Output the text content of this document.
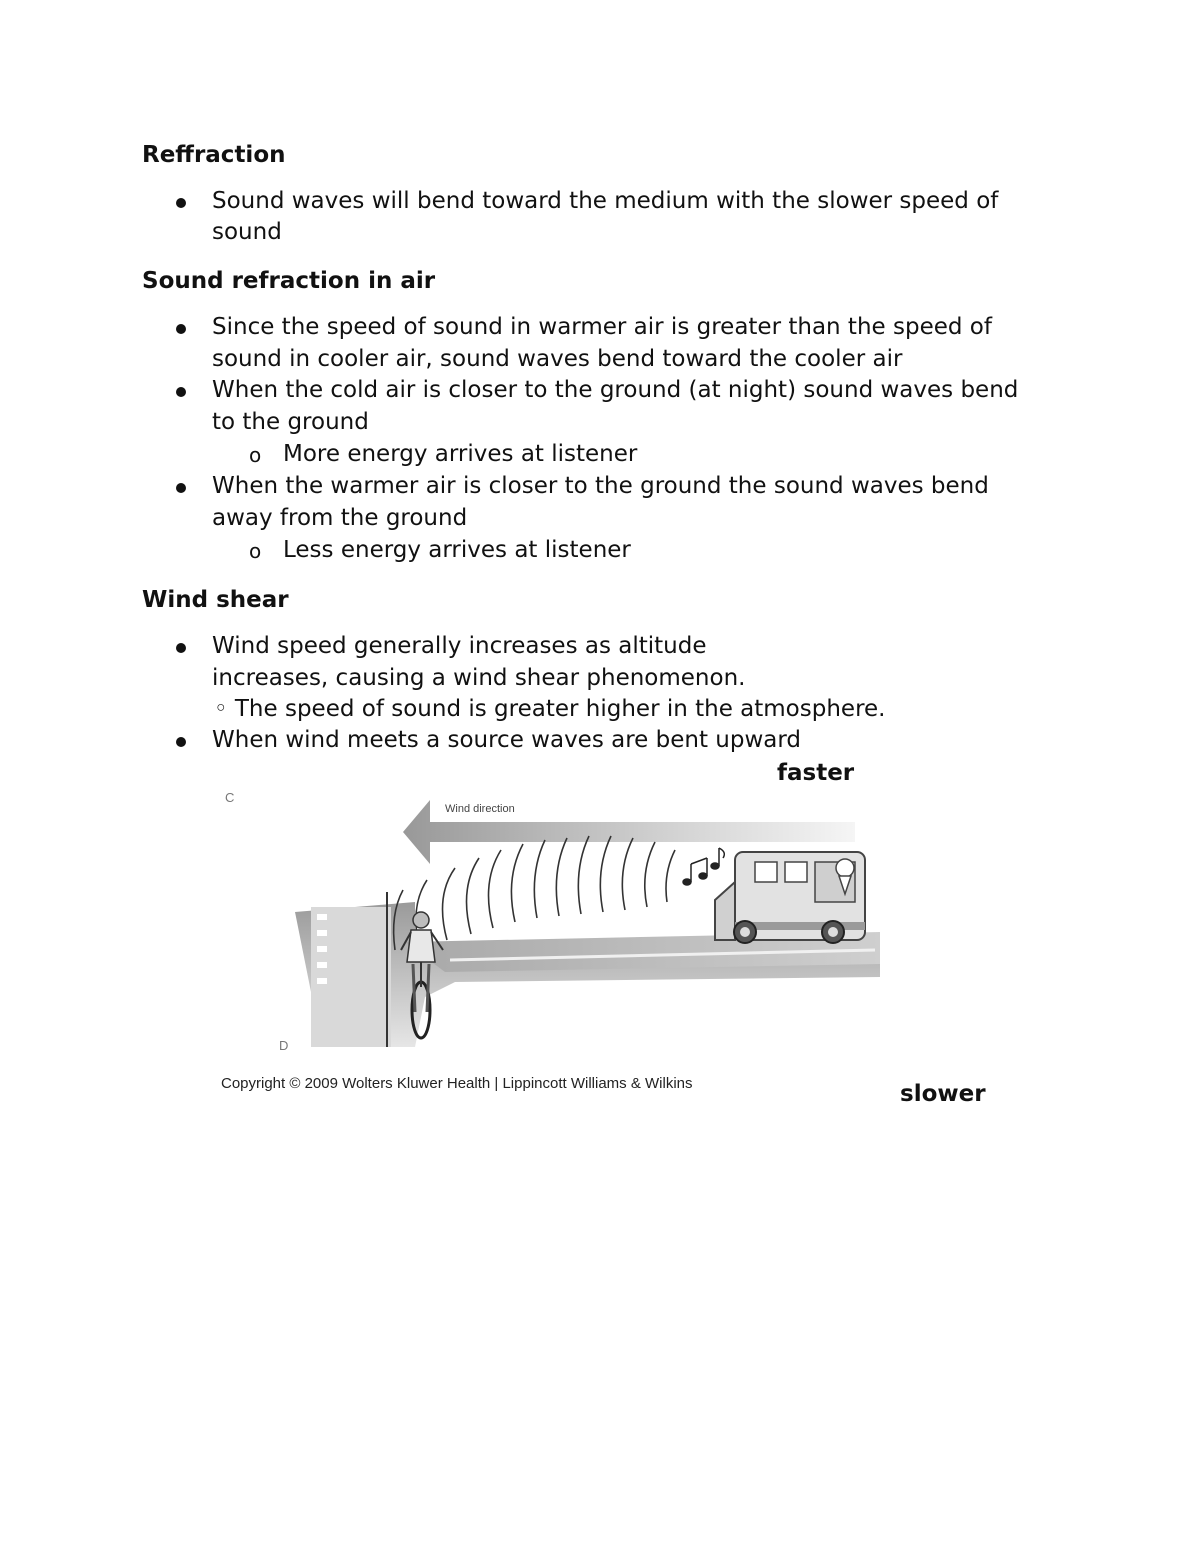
Reffraction
Sound waves will bend toward the medium with the slower speed of
sound
Sound refraction in air
Since the speed of sound in warmer air is greater than the speed of
sound in cooler air, sound waves bend toward the cooler air
When the cold air is closer to the ground (at night) sound waves bend
to the ground
o More energy arrives at listener
When the warmer air is closer to the ground the sound waves bend
away from the ground
o Less energy arrives at listener
Wind shear
Wind speed generally increases as altitude
increases, causing a wind shear phenomenon.
◦ The speed of sound is greater higher in the atmosphere.
When wind meets a source waves are bent upward
faster
slower
C
D
Wind direction
Copyright © 2009 Wolters Kluwer Health | Lippincott Williams & Wilkins
